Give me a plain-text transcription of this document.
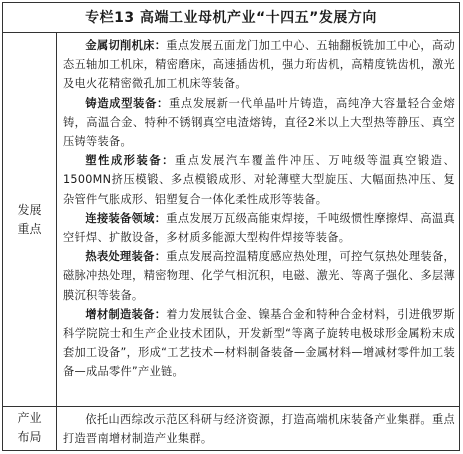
专栏13 高端工业母机产业“十四五”发展方向
发展
重点

金属切削机床：重点发展五面龙门加工中心、五轴翻板铣加工中心，高动态五轴加工机床，精密磨床，高速插齿机，强力珩齿机，高精度铣齿机，激光及电火花精密微孔加工机床等装备。

铸造成型装备：重点发展新一代单晶叶片铸造，高纯净大容量轻合金熔铸，高温合金、特种不锈钢真空电渣熔铸，直径2米以上大型热等静压、真空压铸等装备。

塑性成形装备：重点发展汽车覆盖件冲压、万吨级等温真空锻造、1500MN挤压模锻、多点模锻成形、对轮薄壁大型旋压、大幅面热冲压、复杂管件气胀成形、铝塑复合一体化柔性成形等装备。

连接装备领域：重点发展万瓦级高能束焊接，千吨级惯性摩擦焊、高温真空钎焊、扩散设备，多材质多能源大型构件焊接等装备。

热表处理装备：重点发展高控温精度感应热处理，可控气氛热处理装备，磁脉冲热处理，精密物理、化学气相沉积，电磁、激光、等离子强化、多层薄膜沉积等装备。

增材制造装备：着力发展钛合金、镍基合金和特种合金材料，引进俄罗斯科学院院士和生产企业技术团队，开发新型“等离子旋转电极球形金属粉末成套加工设备”，形成“工艺技术—材料制备装备—金属材料—增减材零件加工装备—成品零件”产业链。

产业
布局

依托山西综改示范区科研与经济资源，打造高端机床装备产业集群。重点打造晋南增材制造产业集群。
